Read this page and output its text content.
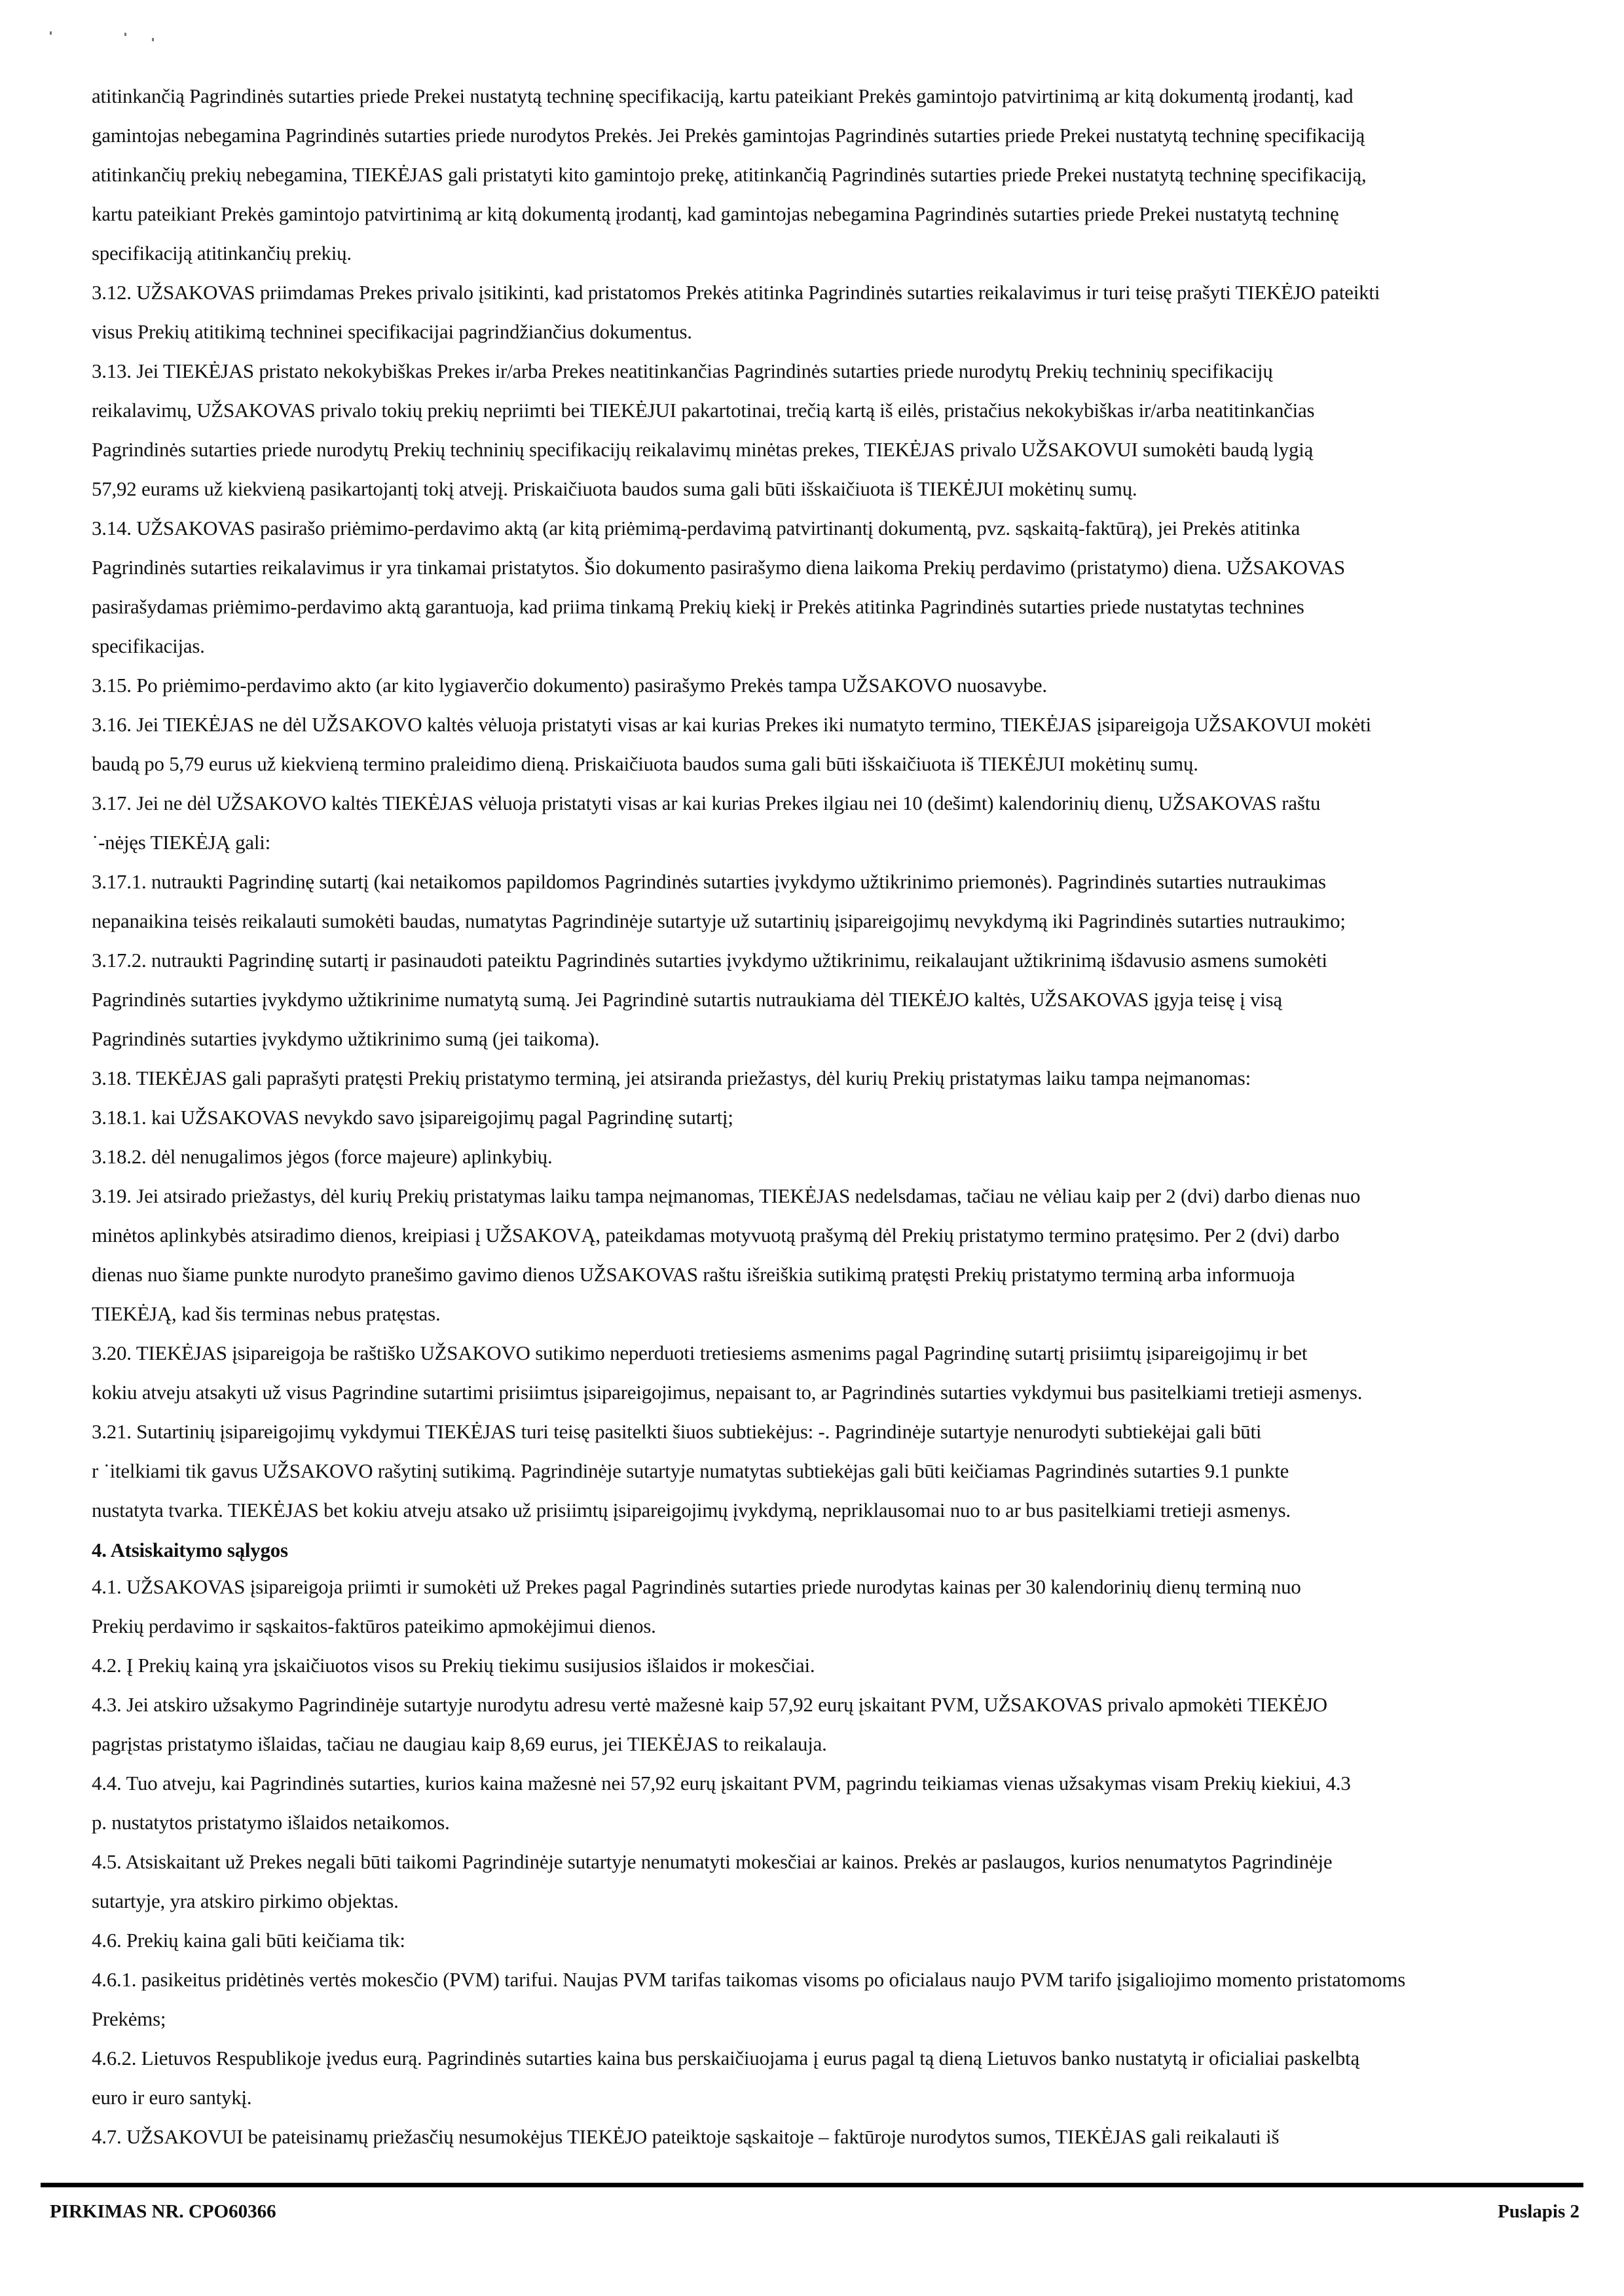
atitinkančią Pagrindinės sutarties priede Prekei nustatytą techninę specifikaciją, kartu pateikiant Prekės gamintojo patvirtinimą ar kitą dokumentą įrodantį, kad
gamintojas nebegamina Pagrindinės sutarties priede nurodytos Prekės. Jei Prekės gamintojas Pagrindinės sutarties priede Prekei nustatytą techninę specifikaciją
atitinkančių prekių nebegamina, TIEKĖJAS gali pristatyti kito gamintojo prekę, atitinkančią Pagrindinės sutarties priede Prekei nustatytą techninę specifikaciją,
kartu pateikiant Prekės gamintojo patvirtinimą ar kitą dokumentą įrodantį, kad gamintojas nebegamina Pagrindinės sutarties priede Prekei nustatytą techninę
specifikaciją atitinkančių prekių.
3.12. UŽSAKOVAS priimdamas Prekes privalo įsitikinti, kad pristatomos Prekės atitinka Pagrindinės sutarties reikalavimus ir turi teisę prašyti TIEKĖJO pateikti
visus Prekių atitikimą techninei specifikacijai pagrindžiančius dokumentus.
3.13. Jei TIEKĖJAS pristato nekokybiškas Prekes ir/arba Prekes neatitinkančias Pagrindinės sutarties priede nurodytų Prekių techninių specifikacijų
reikalavimų, UŽSAKOVAS privalo tokių prekių nepriimti bei TIEKĖJUI pakartotinai, trečią kartą iš eilės, pristačius nekokybiškas ir/arba neatitinkančias
Pagrindinės sutarties priede nurodytų Prekių techninių specifikacijų reikalavimų minėtas prekes, TIEKĖJAS privalo UŽSAKOVUI sumokėti baudą lygią
57,92 eurams už kiekvieną pasikartojantį tokį atvejį. Priskaičiuota baudos suma gali būti išskaičiuota iš TIEKĖJUI mokėtinų sumų.
3.14. UŽSAKOVAS pasirašo priėmimo-perdavimo aktą (ar kitą priėmimą-perdavimą patvirtinantį dokumentą, pvz. sąskaitą-faktūrą), jei Prekės atitinka
Pagrindinės sutarties reikalavimus ir yra tinkamai pristatytos. Šio dokumento pasirašymo diena laikoma Prekių perdavimo (pristatymo) diena. UŽSAKOVAS
pasirašydamas priėmimo-perdavimo aktą garantuoja, kad priima tinkamą Prekių kiekį ir Prekės atitinka Pagrindinės sutarties priede nustatytas technines
specifikacijas.
3.15. Po priėmimo-perdavimo akto (ar kito lygiaverčio dokumento) pasirašymo Prekės tampa UŽSAKOVO nuosavybe.
3.16. Jei TIEKĖJAS ne dėl UŽSAKOVO kaltės vėluoja pristatyti visas ar kai kurias Prekes iki numatyto termino, TIEKĖJAS įsipareigoja UŽSAKOVUI mokėti
baudą po 5,79 eurus už kiekvieną termino praleidimo dieną. Priskaičiuota baudos suma gali būti išskaičiuota iš TIEKĖJUI mokėtinų sumų.
3.17. Jei ne dėl UŽSAKOVO kaltės TIEKĖJAS vėluoja pristatyti visas ar kai kurias Prekes ilgiau nei 10 (dešimt) kalendorinių dienų, UŽSAKOVAS raštu
˙-nėjęs TIEKĖJĄ gali:
3.17.1. nutraukti Pagrindinę sutartį (kai netaikomos papildomos Pagrindinės sutarties įvykdymo užtikrinimo priemonės). Pagrindinės sutarties nutraukimas
nepanaikina teisės reikalauti sumokėti baudas, numatytas Pagrindinėje sutartyje už sutartinių įsipareigojimų nevykdymą iki Pagrindinės sutarties nutraukimo;
3.17.2. nutraukti Pagrindinę sutartį ir pasinaudoti pateiktu Pagrindinės sutarties įvykdymo užtikrinimu, reikalaujant užtikrinimą išdavusio asmens sumokėti
Pagrindinės sutarties įvykdymo užtikrinime numatytą sumą. Jei Pagrindinė sutartis nutraukiama dėl TIEKĖJO kaltės, UŽSAKOVAS įgyja teisę į visą
Pagrindinės sutarties įvykdymo užtikrinimo sumą (jei taikoma).
3.18. TIEKĖJAS gali paprašyti pratęsti Prekių pristatymo terminą, jei atsiranda priežastys, dėl kurių Prekių pristatymas laiku tampa neįmanomas:
3.18.1. kai UŽSAKOVAS nevykdo savo įsipareigojimų pagal Pagrindinę sutartį;
3.18.2. dėl nenugalimos jėgos (force majeure) aplinkybių.
3.19. Jei atsirado priežastys, dėl kurių Prekių pristatymas laiku tampa neįmanomas, TIEKĖJAS nedelsdamas, tačiau ne vėliau kaip per 2 (dvi) darbo dienas nuo
minėtos aplinkybės atsiradimo dienos, kreipiasi į UŽSAKOVĄ, pateikdamas motyvuotą prašymą dėl Prekių pristatymo termino pratęsimo. Per 2 (dvi) darbo
dienas nuo šiame punkte nurodyto pranešimo gavimo dienos UŽSAKOVAS raštu išreiškia sutikimą pratęsti Prekių pristatymo terminą arba informuoja
TIEKĖJĄ, kad šis terminas nebus pratęstas.
3.20. TIEKĖJAS įsipareigoja be raštiško UŽSAKOVO sutikimo neperduoti tretiesiems asmenims pagal Pagrindinę sutartį prisiimtų įsipareigojimų ir bet
kokiu atveju atsakyti už visus Pagrindine sutartimi prisiimtus įsipareigojimus, nepaisant to, ar Pagrindinės sutarties vykdymui bus pasitelkiami tretieji asmenys.
3.21. Sutartinių įsipareigojimų vykdymui TIEKĖJAS turi teisę pasitelkti šiuos subtiekėjus: -. Pagrindinėje sutartyje nenurodyti subtiekėjai gali būti
r ˙itelkiami tik gavus UŽSAKOVO rašytinį sutikimą. Pagrindinėje sutartyje numatytas subtiekėjas gali būti keičiamas Pagrindinės sutarties 9.1 punkte
nustatyta tvarka. TIEKĖJAS bet kokiu atveju atsako už prisiimtų įsipareigojimų įvykdymą, nepriklausomai nuo to ar bus pasitelkiami tretieji asmenys.
4. Atsiskaitymo sąlygos
4.1. UŽSAKOVAS įsipareigoja priimti ir sumokėti už Prekes pagal Pagrindinės sutarties priede nurodytas kainas per 30 kalendorinių dienų terminą nuo
Prekių perdavimo ir sąskaitos-faktūros pateikimo apmokėjimui dienos.
4.2. Į Prekių kainą yra įskaičiuotos visos su Prekių tiekimu susijusios išlaidos ir mokesčiai.
4.3. Jei atskiro užsakymo Pagrindinėje sutartyje nurodytu adresu vertė mažesnė kaip 57,92 eurų įskaitant PVM, UŽSAKOVAS privalo apmokėti TIEKĖJO
pagrįstas pristatymo išlaidas, tačiau ne daugiau kaip 8,69 eurus, jei TIEKĖJAS to reikalauja.
4.4. Tuo atveju, kai Pagrindinės sutarties, kurios kaina mažesnė nei 57,92 eurų įskaitant PVM, pagrindu teikiamas vienas užsakymas visam Prekių kiekiui, 4.3
p. nustatytos pristatymo išlaidos netaikomos.
4.5. Atsiskaitant už Prekes negali būti taikomi Pagrindinėje sutartyje nenumatyti mokesčiai ar kainos. Prekės ar paslaugos, kurios nenumatytos Pagrindinėje
sutartyje, yra atskiro pirkimo objektas.
4.6. Prekių kaina gali būti keičiama tik:
4.6.1. pasikeitus pridėtinės vertės mokesčio (PVM) tarifui. Naujas PVM tarifas taikomas visoms po oficialaus naujo PVM tarifo įsigaliojimo momento pristatomoms
Prekėms;
4.6.2. Lietuvos Respublikoje įvedus eurą. Pagrindinės sutarties kaina bus perskaičiuojama į eurus pagal tą dieną Lietuvos banko nustatytą ir oficialiai paskelbtą
euro ir euro santykį.
4.7. UŽSAKOVUI be pateisinamų priežasčių nesumokėjus TIEKĖJO pateiktoje sąskaitoje – faktūroje nurodytos sumos, TIEKĖJAS gali reikalauti iš
PIRKIMAS NR. CPO60366	Puslapis 2
